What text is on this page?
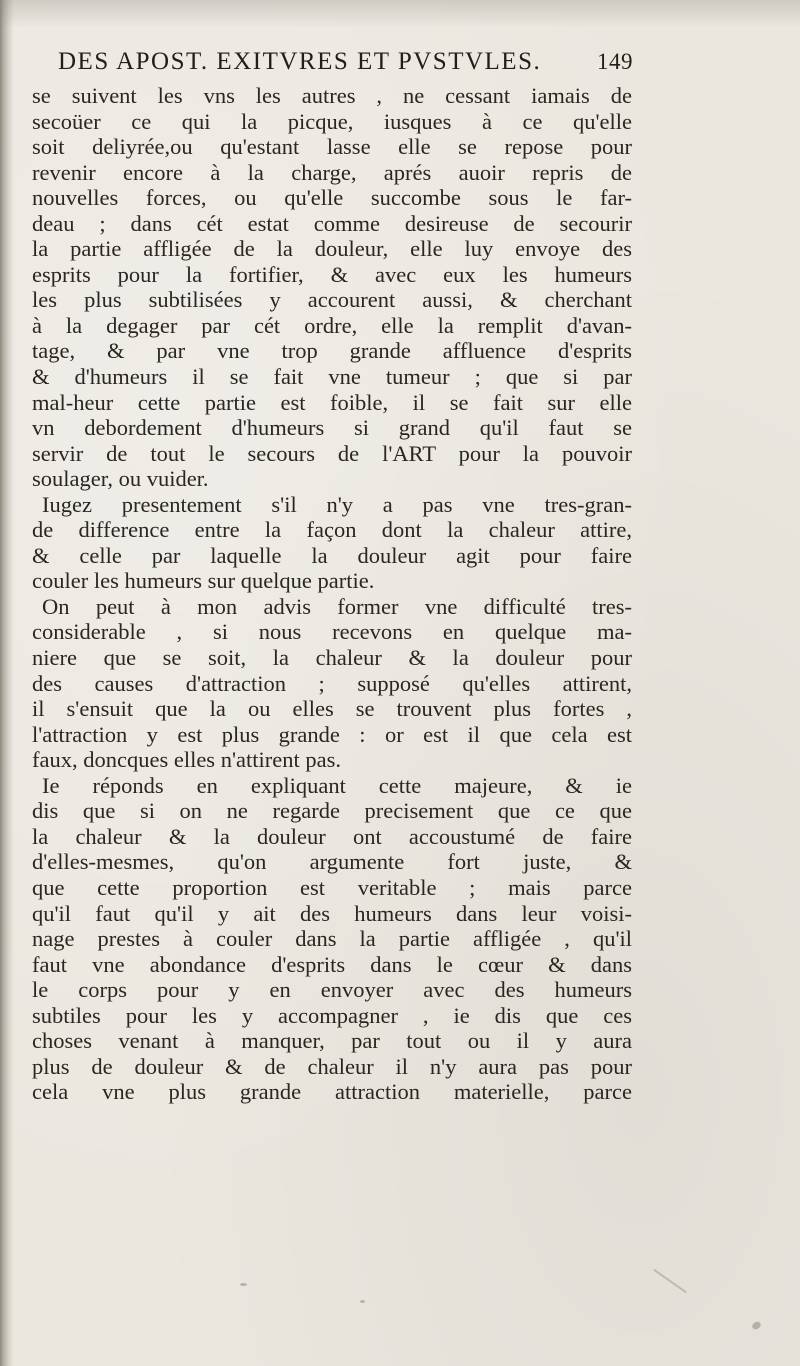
DES APOST. EXITVRES ET PVSTVLES. 149
se suivent les vns les autres , ne cessant iamais de
secoüer ce qui la picque, iusques à ce qu'elle
soit deliyrée,ou qu'estant lasse elle se repose pour
revenir encore à la charge, aprés auoir repris de
nouvelles forces, ou qu'elle succombe sous le far-
deau ; dans cét estat comme desireuse de secourir
la partie affligée de la douleur, elle luy envoye des
esprits pour la fortifier, & avec eux les humeurs
les plus subtilisées y accourent aussi, & cherchant
à la degager par cét ordre, elle la remplit d'avan-
tage, & par vne trop grande affluence d'esprits
& d'humeurs il se fait vne tumeur ; que si par
mal-heur cette partie est foible, il se fait sur elle
vn debordement d'humeurs si grand qu'il faut se
servir de tout le secours de l'ART pour la pouvoir
soulager, ou vuider.
Iugez presentement s'il n'y a pas vne tres-gran-
de difference entre la façon dont la chaleur attire,
& celle par laquelle la douleur agit pour faire
couler les humeurs sur quelque partie.
On peut à mon advis former vne difficulté tres-
considerable , si nous recevons en quelque ma-
niere que se soit, la chaleur & la douleur pour
des causes d'attraction ; supposé qu'elles attirent,
il s'ensuit que la ou elles se trouvent plus fortes ,
l'attraction y est plus grande : or est il que cela est
faux, doncques elles n'attirent pas.
Ie réponds en expliquant cette majeure, & ie
dis que si on ne regarde precisement que ce que
la chaleur & la douleur ont accoustumé de faire
d'elles-mesmes, qu'on argumente fort juste, &
que cette proportion est veritable ; mais parce
qu'il faut qu'il y ait des humeurs dans leur voisi-
nage prestes à couler dans la partie affligée , qu'il
faut vne abondance d'esprits dans le cœur & dans
le corps pour y en envoyer avec des humeurs
subtiles pour les y accompagner , ie dis que ces
choses venant à manquer, par tout ou il y aura
plus de douleur & de chaleur il n'y aura pas pour
cela vne plus grande attraction materielle, parce
